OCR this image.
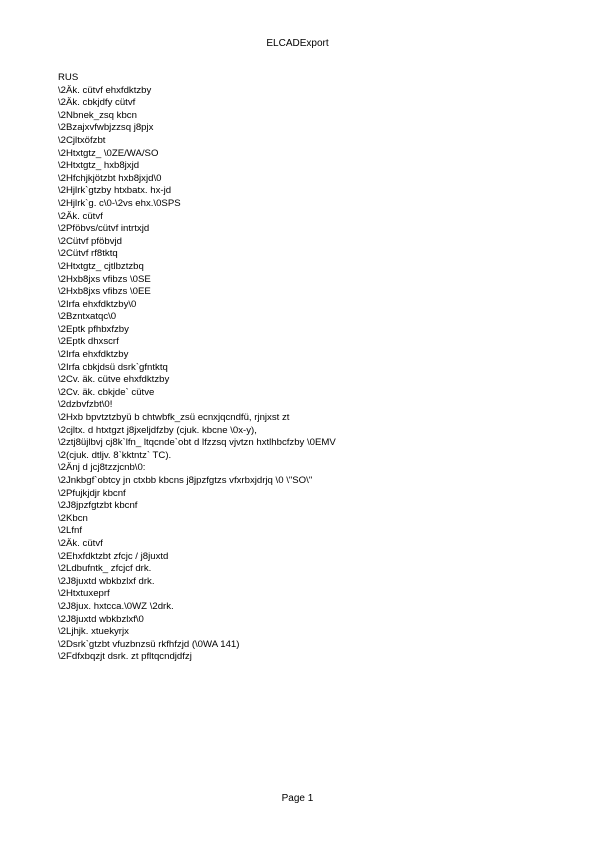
ELCADExport
RUS
\2Äk. cütvf ehxfdktzby
\2Äk. cbkjdfy cütvf
\2Nbnek_zsq kbcn
\2Bzajxvfwbjzzsq j8pjx
\2Cjltxöfzbt
\2Htxtgtz_ \0ZE/WA/SO
\2Htxtgtz_ hxb8jxjd
\2Hfchjkjötzbt hxb8jxjd\0
\2Hjlrk`gtzby htxbatx. hx-jd
\2Hjlrk`g. c\0-\2vs ehx.\0SPS
\2Äk. cütvf
\2Pföbvs/cütvf intrtxjd
\2Cütvf pföbvjd
\2Cütvf rf8tktq
\2Htxtgtz_ cjtlbztzbq
\2Hxb8jxs vfibzs \0SE
\2Hxb8jxs vfibzs \0EE
\2Irfa ehxfdktzby\0
\2Bzntxatqc\0
\2Eptk pfhbxfzby
\2Eptk dhxscrf
\2Irfa ehxfdktzby
\2Irfa cbkjdsü dsrk`gfntktq
\2Cv. äk. cütve ehxfdktzby
\2Cv. äk. cbkjde` cütve
\2dzbvfzbt\0!
\2Hxb bpvtztzbyü b chtwbfk_zsü ecnxjqcndfü, rjnjxst zt
\2cjltx. d htxtgzt j8jxeljdfzby (cjuk. kbcne \0x-y),
\2ztj8üjlbvj cj8k`lfn_ ltqcnde`obt d lfzzsq vjvtzn hxtlhbcfzby \0EMV
\2(cjuk. dtljv. 8`kktntz` TC).
\2Änj d jcj8tzzjcnb\0:
\2Jnkbgf`obtcy jn ctxbb kbcns j8jpzfgtzs vfxrbxjdrjq \0 \"SO\"
\2Pfujkjdjr kbcnf
\2J8jpzfgtzbt kbcnf
\2Kbcn
\2Lfnf
\2Äk. cütvf
\2Ehxfdktzbt zfcjc / j8juxtd
\2Ldbufntk_ zfcjcf drk.
\2J8juxtd wbkbzlxf drk.
\2Htxtuxeprf
\2J8jux. hxtcca.\0WZ \2drk.
\2J8juxtd wbkbzlxf\0
\2Ljhjk. xtuekyrjx
\2Dsrk`gtzbt vfuzbnzsü rkfhfzjd (\0WA 141)
\2Fdfxbqzjt dsrk. zt pfltqcndjdfzj
Page 1
